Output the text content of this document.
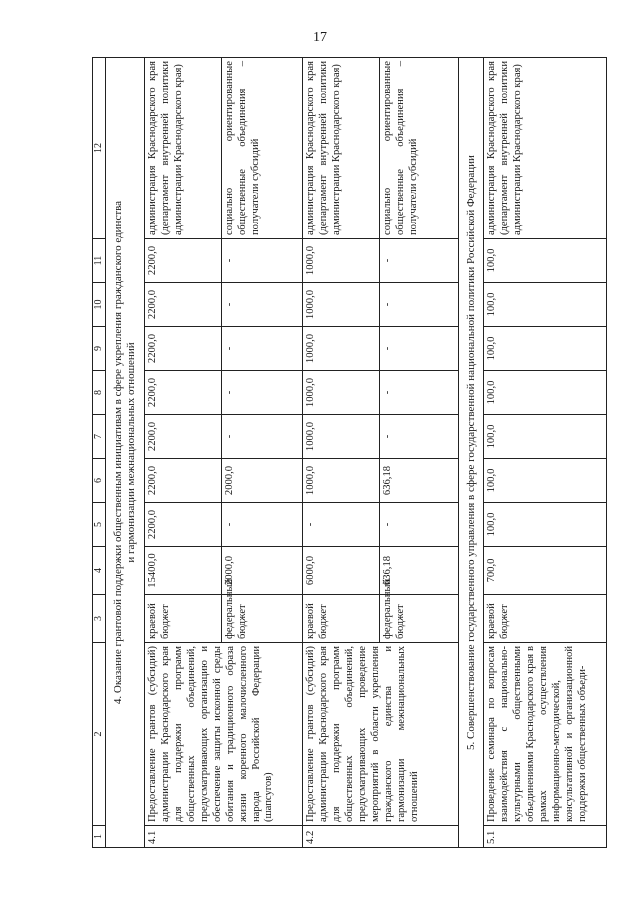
17
1	2	3	4	5	6	7	8	9	10	11	12

4. Оказание грантовой поддержки общественным инициативам в сфере укрепления гражданского единства и гармонизации межнациональных отношений											

4.1	Предоставление грантов (субсидий) администрации Краснодарского края для поддержки программ общественных объединений, предусматривающих организацию и обеспечение защиты исконной среды обитания и традиционного образа жизни коренного малочисленного народа Российской Федерации (шапсугов)	краевой бюджет	15400,0	2200,0	2200,0	2200,0	2200,0	2200,0	2200,0	2200,0	администрация Краснодарского края (департамент внутренней политики администрации Краснодарского края)
		федеральный бюджет	2000,0	-	2000,0	-	-	-	-	-	социально ориентированные общественные объединения – получатели субсидий
4.2	Предоставление грантов (субсидий) администрации Краснодарского края для поддержки программ общественных объединений, предусматривающих проведение мероприятий в области укрепления гражданского единства и гармонизации межнациональных отношений	краевой бюджет	6000,0	-	1000,0	1000,0	1000,0	1000,0	1000,0	1000,0	администрация Краснодарского края (департамент внутренней политики администрации Краснодарского края)
		федеральный бюджет	636,18	-	636,18	-	-	-	-	-	социально ориентированные общественные объединения – получатели субсидий

5. Совершенствование государственного управления в сфере государственной национальной политики Российской Федерации											

5.1	Проведение семинара по вопросам взаимодействия с национально-культурными общественными объединениями Краснодарского края в рамках осуществления информационно-методической, консультативной и организационной поддержки общественных объеди-	краевой бюджет	700,0	100,0	100,0	100,0	100,0	100,0	100,0	100,0	администрация Краснодарского края (департамент внутренней политики администрации Краснодарского края)
